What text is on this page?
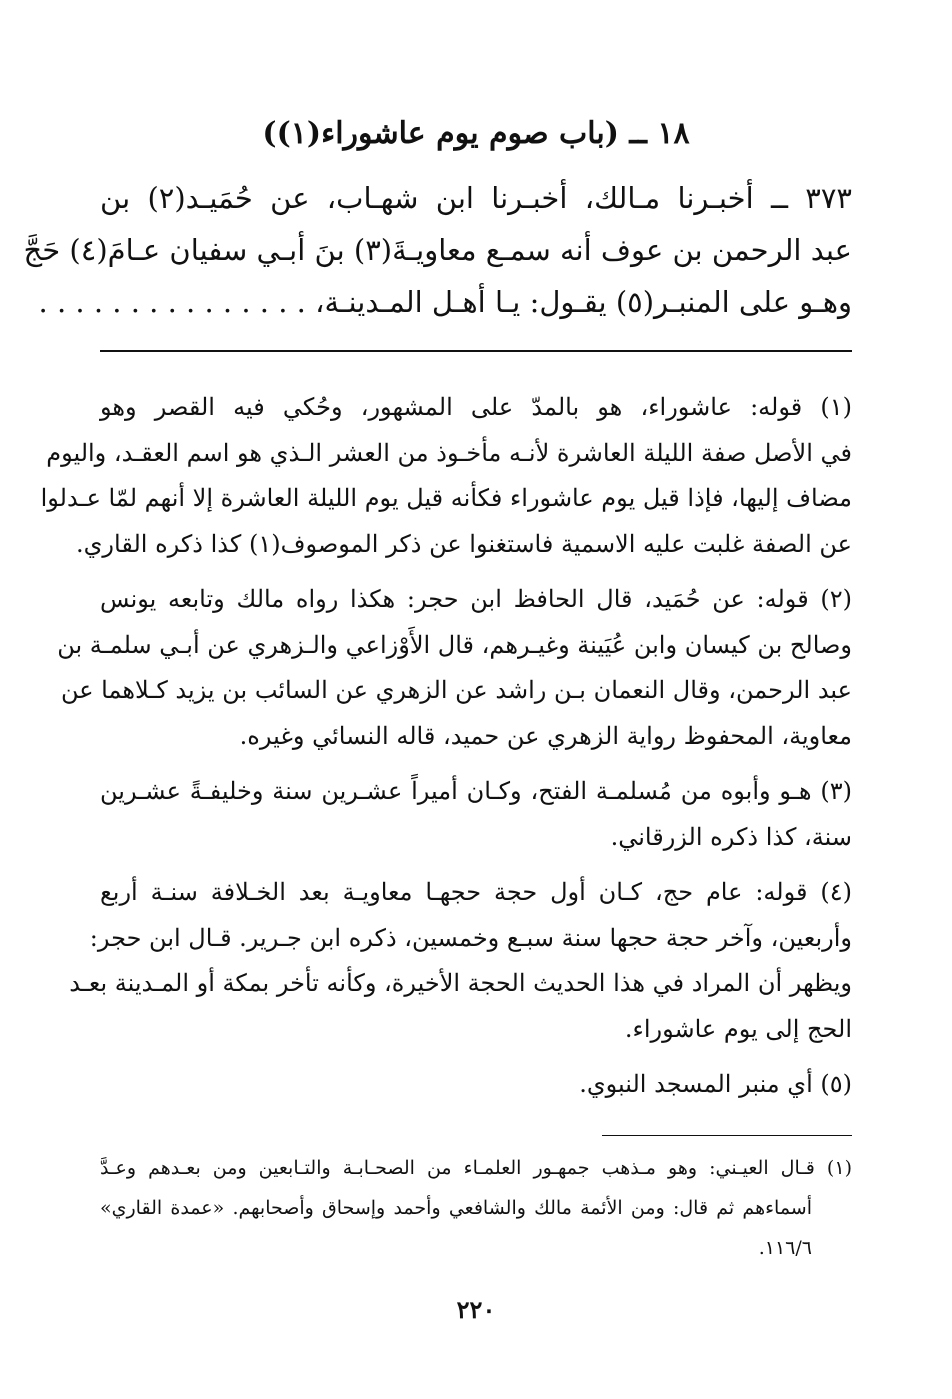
١٨ ــ (باب صوم يوم عاشوراء(١))
٣٧٣ ــ أخبـرنا مـالك، أخبـرنا ابن شهـاب، عن حُمَيـد(٢) بن
عبد الرحمن بن عوف أنه سمـع معاويـةَ(٣) بنَ أبـي سفيان عـامَ(٤) حَجَّ
وهـو على المنبـر(٥) يقـول: يـا أهـل المـدينـة، . . . . . . . . . . . . . . .
(١) قوله: عاشوراء، هو بالمدّ على المشهور، وحُكي فيه القصر وهو
في الأصل صفة الليلة العاشرة لأنـه مأخـوذ من العشر الـذي هو اسم العقـد، واليوم
مضاف إليها، فإذا قيل يوم عاشوراء فكأنه قيل يوم الليلة العاشرة إلا أنهم لمّا عـدلوا
عن الصفة غلبت عليه الاسمية فاستغنوا عن ذكر الموصوف(١) كذا ذكره القاري.
(٢) قوله: عن حُمَيد، قال الحافظ ابن حجر: هكذا رواه مالك وتابعه يونس
وصالح بن كيسان وابن عُيَينة وغيـرهم، قال الأَوْزاعي والـزهري عن أبـي سلمـة بن
عبد الرحمن، وقال النعمان بـن راشد عن الزهري عن السائب بن يزيد كـلاهما عن
معاوية، المحفوظ رواية الزهري عن حميد، قاله النسائي وغيره.
(٣) هـو وأبوه من مُسلمـة الفتح، وكـان أميراً عشـرين سنة وخليفـةً عشـرين
سنة، كذا ذكره الزرقاني.
(٤) قوله: عام حج، كـان أول حجة حجهـا معاويـة بعد الخـلافة سنـة أربع
وأربعين، وآخر حجة حجها سنة سبـع وخمسين، ذكره ابن جـرير. قـال ابن حجر:
ويظهر أن المراد في هذا الحديث الحجة الأخيرة، وكأنه تأخر بمكة أو المـدينة بعـد
الحج إلى يوم عاشوراء.
(٥) أي منبر المسجد النبوي.
(١) قـال العيـني: وهو مـذهب جمهـور العلمـاء من الصحـابـة والتـابعين ومن بعـدهم وعـدَّ
أسماءهم ثم قال: ومن الأئمة مالك والشافعي وأحمد وإسحاق وأصحابهم. «عمدة القاري»
١١٦/٦.
٢٢٠
